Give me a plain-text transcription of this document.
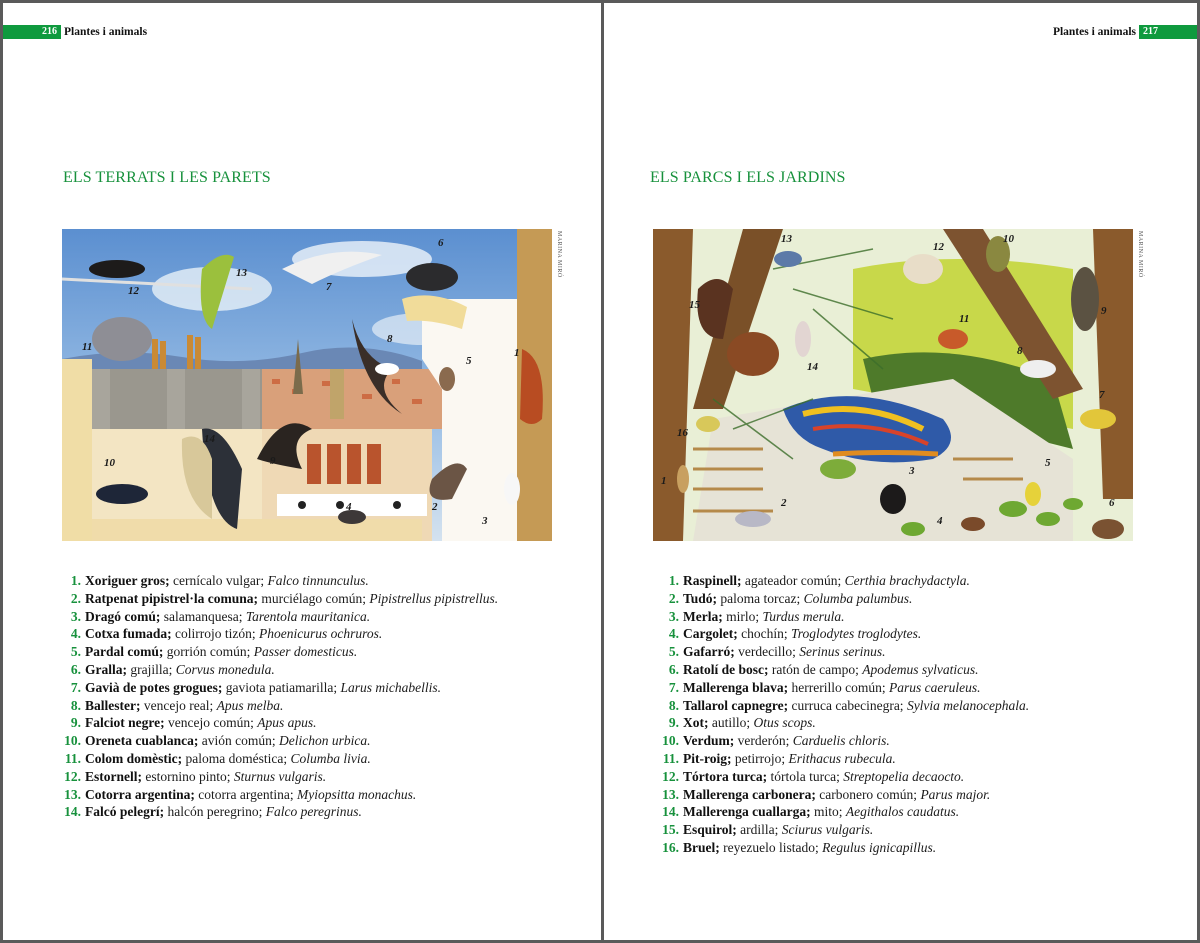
216 Plantes i animals
ELS TERRATS I LES PARETS
1
2
3
4
5
6
7
8
9
10
11
12
13
14
MARINA MIRÓ
1. Xoriguer gros; cernícalo vulgar; Falco tinnunculus.
2. Ratpenat pipistrel·la comuna; murciélago común; Pipistrellus pipistrellus.
3. Dragó comú; salamanquesa; Tarentola mauritanica.
4. Cotxa fumada; colirrojo tizón; Phoenicurus ochruros.
5. Pardal comú; gorrión común; Passer domesticus.
6. Gralla; grajilla; Corvus monedula.
7. Gavià de potes grogues; gaviota patiamarilla; Larus michabellis.
8. Ballester; vencejo real; Apus melba.
9. Falciot negre; vencejo común; Apus apus.
10. Oreneta cuablanca; avión común; Delichon urbica.
11. Colom domèstic; paloma doméstica; Columba livia.
12. Estornell; estornino pinto; Sturnus vulgaris.
13. Cotorra argentina; cotorra argentina; Myiopsitta monachus.
14. Falcó pelegrí; halcón peregrino; Falco peregrinus.
217
Plantes i animals
ELS PARCS I ELS JARDINS
1
2
3
4
5
6
7
8
9
10
11
12
13
14
15
16
MARINA MIRÓ
1. Raspinell; agateador común; Certhia brachydactyla.
2. Tudó; paloma torcaz; Columba palumbus.
3. Merla; mirlo; Turdus merula.
4. Cargolet; chochín; Troglodytes troglodytes.
5. Gafarró; verdecillo; Serinus serinus.
6. Ratolí de bosc; ratón de campo; Apodemus sylvaticus.
7. Mallerenga blava; herrerillo común; Parus caeruleus.
8. Tallarol capnegre; curruca cabecinegra; Sylvia melanocephala.
9. Xot; autillo; Otus scops.
10. Verdum; verderón; Carduelis chloris.
11. Pit-roig; petirrojo; Erithacus rubecula.
12. Tórtora turca; tórtola turca; Streptopelia decaocto.
13. Mallerenga carbonera; carbonero común; Parus major.
14. Mallerenga cuallarga; mito; Aegithalos caudatus.
15. Esquirol; ardilla; Sciurus vulgaris.
16. Bruel; reyezuelo listado; Regulus ignicapillus.
